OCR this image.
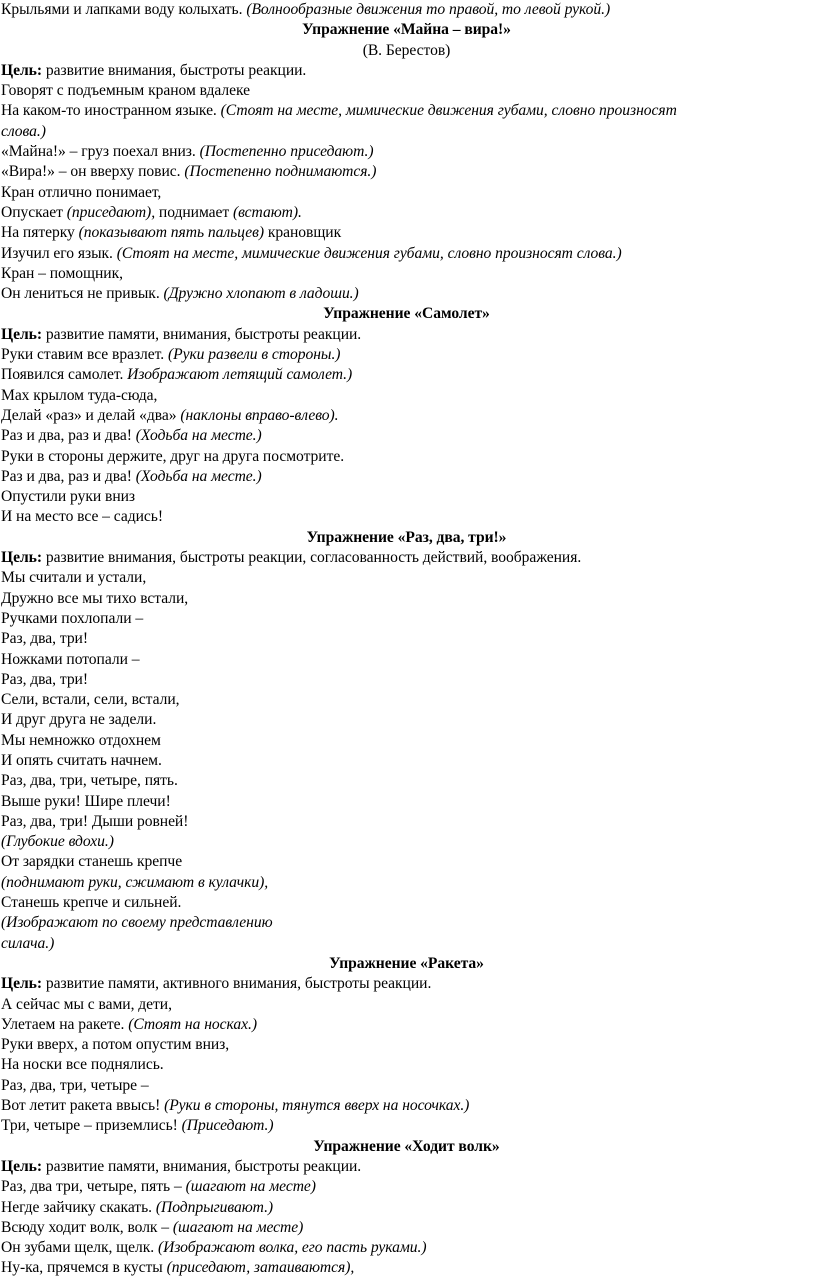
Крыльями и лапками воду колыхать. (Волнообразные движения то правой, то левой рукой.)
Упражнение «Майна – вира!»
(В. Берестов)
Цель: развитие внимания, быстроты реакции.
Говорят с подъемным краном вдалеке
На каком-то иностранном языке. (Стоят на месте, мимические движения губами, словно произносят
слова.)
«Майна!» – груз поехал вниз. (Постепенно приседают.)
«Вира!» – он вверху повис. (Постепенно поднимаются.)
Кран отлично понимает,
Опускает (приседают), поднимает (встают).
На пятерку (показывают пять пальцев) крановщик
Изучил его язык. (Стоят на месте, мимические движения губами, словно произносят слова.)
Кран – помощник,
Он лениться не привык. (Дружно хлопают в ладоши.)
Упражнение «Самолет»
Цель: развитие памяти, внимания, быстроты реакции.
Руки ставим все вразлет. (Руки развели в стороны.)
Появился самолет. Изображают летящий самолет.)
Мах крылом туда-сюда,
Делай «раз» и делай «два» (наклоны вправо-влево).
Раз и два, раз и два! (Ходьба на месте.)
Руки в стороны держите, друг на друга посмотрите.
Раз и два, раз и два! (Ходьба на месте.)
Опустили руки вниз
И на место все – садись!
Упражнение «Раз, два, три!»
Цель: развитие внимания, быстроты реакции, согласованность действий, воображения.
Мы считали и устали,
Дружно все мы тихо встали,
Ручками похлопали –
Раз, два, три!
Ножками потопали –
Раз, два, три!
Сели, встали, сели, встали,
И друг друга не задели.
Мы немножко отдохнем
И опять считать начнем.
Раз, два, три, четыре, пять.
Выше руки! Шире плечи!
Раз, два, три! Дыши ровней!
(Глубокие вдохи.)
От зарядки станешь крепче
(поднимают руки, сжимают в кулачки),
Станешь крепче и сильней.
(Изображают по своему представлению
силача.)
Упражнение «Ракета»
Цель: развитие памяти, активного внимания, быстроты реакции.
А сейчас мы с вами, дети,
Улетаем на ракете. (Стоят на носках.)
Руки вверх, а потом опустим вниз,
На носки все поднялись.
Раз, два, три, четыре –
Вот летит ракета ввысь! (Руки в стороны, тянутся вверх на носочках.)
Три, четыре – приземлись! (Приседают.)
Упражнение «Ходит волк»
Цель: развитие памяти, внимания, быстроты реакции.
Раз, два три, четыре, пять – (шагают на месте)
Негде зайчику скакать. (Подпрыгивают.)
Всюду ходит волк, волк – (шагают на месте)
Он зубами щелк, щелк. (Изображают волка, его пасть руками.)
Ну-ка, прячемся в кусты (приседают, затаиваются),
